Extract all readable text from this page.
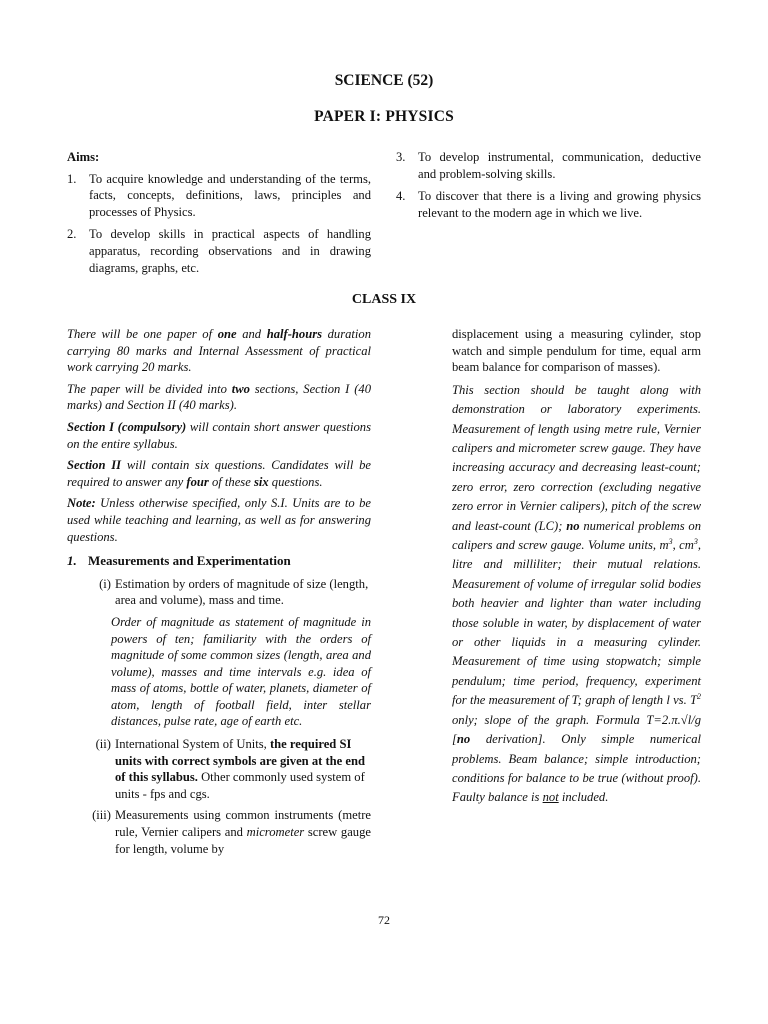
SCIENCE (52)
PAPER I: PHYSICS
Aims:
1. To acquire knowledge and understanding of the terms, facts, concepts, definitions, laws, principles and processes of Physics.
2. To develop skills in practical aspects of handling apparatus, recording observations and in drawing diagrams, graphs, etc.
3. To develop instrumental, communication, deductive and problem-solving skills.
4. To discover that there is a living and growing physics relevant to the modern age in which we live.
CLASS IX

There will be one paper of one and half-hours duration carrying 80 marks and Internal Assessment of practical work carrying 20 marks.

The paper will be divided into two sections, Section I (40 marks) and Section II (40 marks).

Section I (compulsory) will contain short answer questions on the entire syllabus.

Section II will contain six questions. Candidates will be required to answer any four of these six questions.

Note: Unless otherwise specified, only S.I. Units are to be used while teaching and learning, as well as for answering questions.

1. Measurements and Experimentation
(i) Estimation by orders of magnitude of size (length, area and volume), mass and time.
Order of magnitude as statement of magnitude in powers of ten; familiarity with the orders of magnitude of some common sizes (length, area and volume), masses and time intervals e.g. idea of mass of atoms, bottle of water, planets, diameter of atom, length of football field, inter stellar distances, pulse rate, age of earth etc.
(ii) International System of Units, the required SI units with correct symbols are given at the end of this syllabus. Other commonly used system of units - fps and cgs.
(iii) Measurements using common instruments (metre rule, Vernier calipers and micrometer screw gauge for length, volume by

displacement using a measuring cylinder, stop watch and simple pendulum for time, equal arm beam balance for comparison of masses).

This section should be taught along with demonstration or laboratory experiments. Measurement of length using metre rule, Vernier calipers and micrometer screw gauge. They have increasing accuracy and decreasing least-count; zero error, zero correction (excluding negative zero error in Vernier calipers), pitch of the screw and least-count (LC); no numerical problems on calipers and screw gauge. Volume units, $m^3$, $cm^3$, litre and milliliter; their mutual relations. Measurement of volume of irregular solid bodies both heavier and lighter than water including those soluble in water, by displacement of water or other liquids in a measuring cylinder. Measurement of time using stopwatch; simple pendulum; time period, frequency, experiment for the measurement of T; graph of length l vs. $T^2$ only; slope of the graph. Formula T=2.π.√l/g [no derivation]. Only simple numerical problems. Beam balance; simple introduction; conditions for balance to be true (without proof). Faulty balance is not included.

72
